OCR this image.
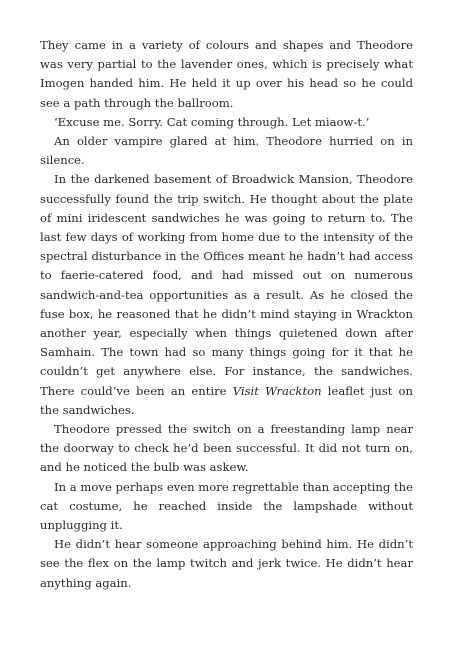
They came in a variety of colours and shapes and Theodore was very partial to the lavender ones, which is precisely what Imogen handed him. He held it up over his head so he could see a path through the ballroom.

‘Excuse me. Sorry. Cat coming through. Let miaow-t.’

An older vampire glared at him. Theodore hurried on in silence.

In the darkened basement of Broadwick Mansion, Theodore successfully found the trip switch. He thought about the plate of mini iridescent sandwiches he was going to return to. The last few days of working from home due to the intensity of the spectral disturbance in the Offices meant he hadn’t had access to faerie-catered food, and had missed out on numerous sandwich-and-tea opportunities as a result. As he closed the fuse box, he reasoned that he didn’t mind staying in Wrackton another year, especially when things quietened down after Samhain. The town had so many things going for it that he couldn’t get anywhere else. For instance, the sandwiches. There could’ve been an entire Visit Wrackton leaflet just on the sandwiches.

Theodore pressed the switch on a freestanding lamp near the doorway to check he’d been successful. It did not turn on, and he noticed the bulb was askew.

In a move perhaps even more regrettable than accepting the cat costume, he reached inside the lampshade without unplugging it.

He didn’t hear someone approaching behind him. He didn’t see the flex on the lamp twitch and jerk twice. He didn’t hear anything again.
